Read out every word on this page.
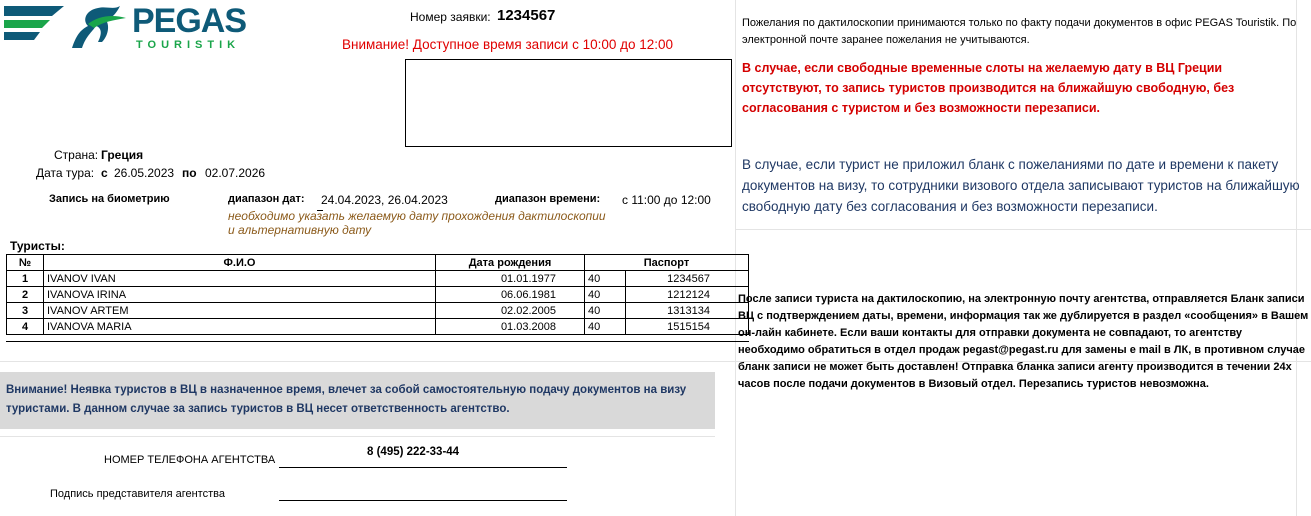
PEGAS
TOURISTIK
Номер заявки: 1234567
Внимание! Доступное время записи с 10:00 до 12:00
Страна: Греция
Дата тура: с 26.05.2023 по 02.07.2026
Запись на биометрию	диапазон дат: 24.04.2023, 26.04.2023	диапазон времени: с 11:00 до 12:00
необходимо указать желаемую дату прохождения дактилоскопии
и альтернативную дату
Туристы:
№	Ф.И.О	Дата рождения	Паспорт	
1	IVANOV IVAN	01.01.1977	40	1234567
2	IVANOVA IRINA	06.06.1981	40	1212124
3	IVANOV ARTEM	02.02.2005	40	1313134
4	IVANOVA MARIA	01.03.2008	40	1515154
Внимание! Неявка туристов в ВЦ в назначенное время, влечет за собой самостоятельную подачу документов на визу туристами. В данном случае за запись туристов в ВЦ несет ответственность агентство.
НОМЕР ТЕЛЕФОНА АГЕНТСТВА
8 (495) 222-33-44
Подпись представителя агентства
Пожелания по дактилоскопии принимаются только по факту подачи документов в офис PEGAS Touristik. По электронной почте заранее пожелания не учитываются.
В случае, если свободные временные слоты на желаемую дату в ВЦ Греции отсутствуют, то запись туристов производится на ближайшую свободную, без согласования с туристом и без возможности перезаписи.
В случае, если турист не приложил бланк с пожеланиями по дате и времени к пакету документов на визу, то сотрудники визового отдела записывают туристов на ближайшую свободную дату без согласования и без возможности перезаписи.
После записи туриста на дактилоскопию, на электронную почту агентства, отправляется Бланк записи ВЦ с подтверждением даты, времени, информация так же дублируется в раздел «сообщения» в Вашем он-лайн кабинете. Если ваши контакты для отправки документа не совпадают, то агентству необходимо обратиться в отдел продаж pegast@pegast.ru для замены e mail в ЛК, в противном случае бланк записи не может быть доставлен! Отправка бланка записи агенту производится в течении 24х часов после подачи документов в Визовый отдел. Перезапись туристов невозможна.
